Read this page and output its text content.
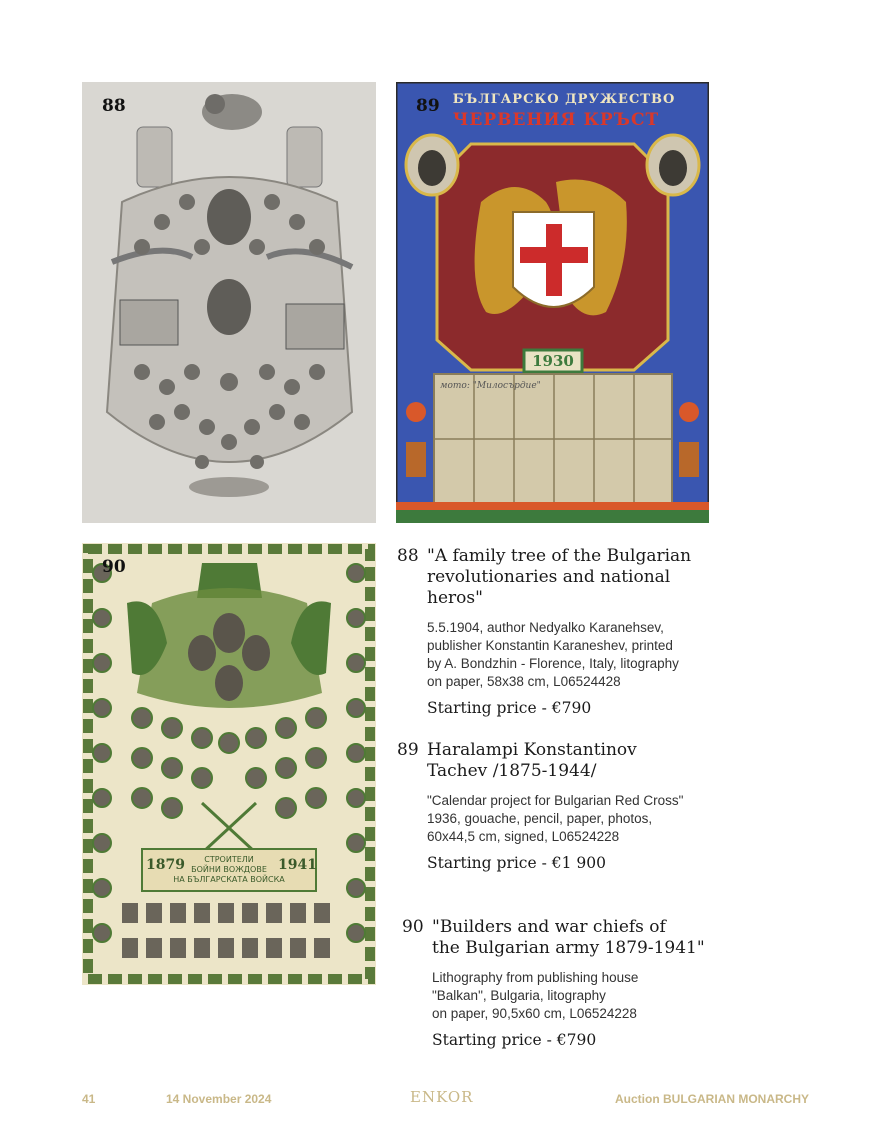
88	БЪЛГАРСКО ДРУЖЕСТВО
ЧЕРВЕНИЯ КРЪСТ
1930
мото: "Милосърдие"
89
1879	1941
СТРОИТЕЛИ
БОЙНИ ВОЖДОВЕ
НА БЪЛГАРСКАТА ВОЙСКА
90
88 "A family tree of the Bulgarian
revolutionaries and national heros"
5.5.1904, author Nedyalko Karanehsev,
publisher Konstantin Karaneshev, printed
by A. Bondzhin - Florence, Italy, litography
on paper, 58x38 cm, L06524428
Starting price - €790
89 Haralampi Konstantinov
Tachev /1875-1944/
"Calendar project for Bulgarian Red Cross"
1936, gouache, pencil, paper, photos,
60x44,5 cm, signed, L06524228
Starting price - €1 900
90 "Builders and war chiefs of
the Bulgarian army 1879-1941"
Lithography from publishing house
"Balkan", Bulgaria, litography
on paper, 90,5x60 cm, L06524228
Starting price - €790
41	14 November 2024	ENKOR	Auction BULGARIAN MONARCHY
